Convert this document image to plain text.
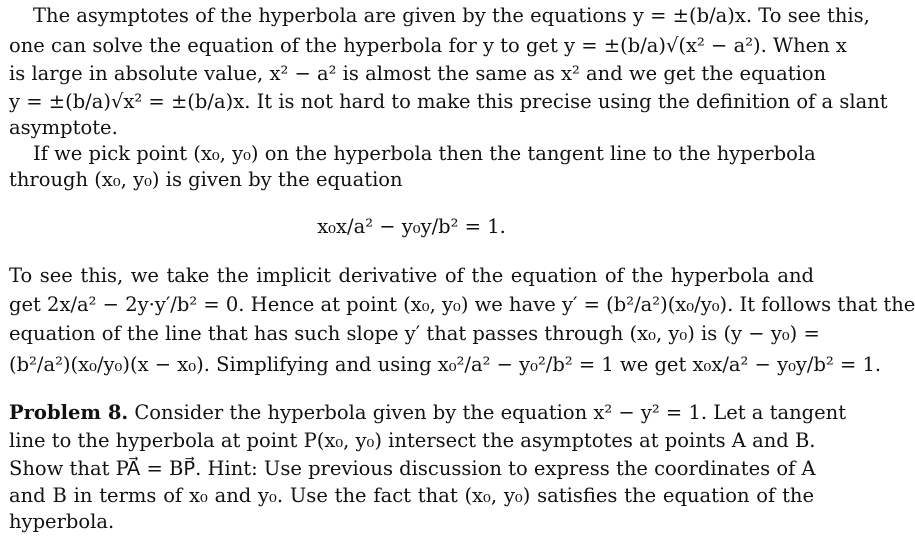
The asymptotes of the hyperbola are given by the equations y = ±(b/a)x. To see this,
one can solve the equation of the hyperbola for y to get y = ±(b/a)√(x² − a²). When x
is large in absolute value, x² − a² is almost the same as x² and we get the equation
y = ±(b/a)√x² = ±(b/a)x. It is not hard to make this precise using the definition of a slant
asymptote.
If we pick point (x₀, y₀) on the hyperbola then the tangent line to the hyperbola
through (x₀, y₀) is given by the equation
x₀x/a² − y₀y/b² = 1.
To see this, we take the implicit derivative of the equation of the hyperbola and
get 2x/a² − 2y·y′/b² = 0. Hence at point (x₀, y₀) we have y′ = (b²/a²)(x₀/y₀). It follows that the
equation of the line that has such slope y′ that passes through (x₀, y₀) is (y − y₀) =
(b²/a²)(x₀/y₀)(x − x₀). Simplifying and using x₀²/a² − y₀²/b² = 1 we get x₀x/a² − y₀y/b² = 1.
Problem 8. Consider the hyperbola given by the equation x² − y² = 1. Let a tangent
line to the hyperbola at point P(x₀, y₀) intersect the asymptotes at points A and B.
Show that PA⃗ = BP⃗. Hint: Use previous discussion to express the coordinates of A
and B in terms of x₀ and y₀. Use the fact that (x₀, y₀) satisfies the equation of the
hyperbola.
